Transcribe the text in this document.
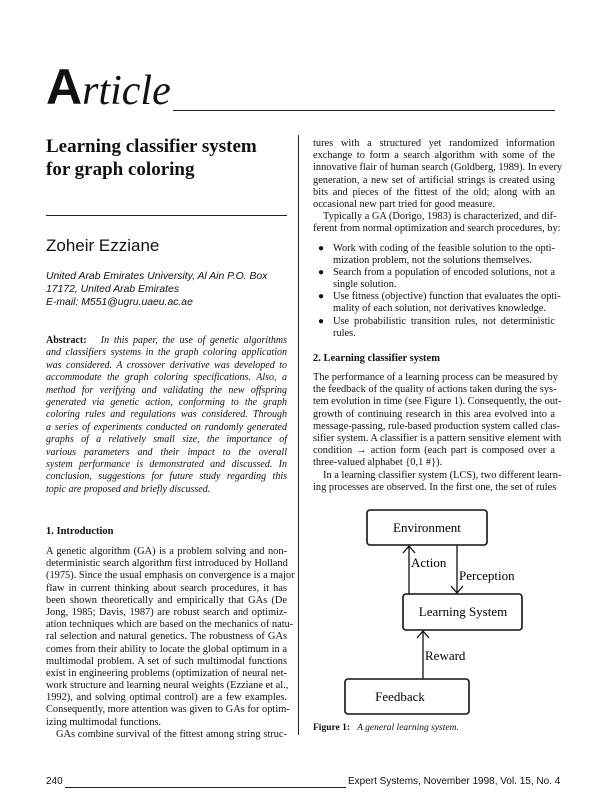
Article
Learning classifier system
for graph coloring
Zoheir Ezziane
United Arab Emirates University, Al Ain P.O. Box
17172, United Arab Emirates
E-mail: M551@ugru.uaeu.ac.ae
Abstract: In this paper, the use of genetic algorithms
and classifiers systems in the graph coloring application
was considered. A crossover derivative was developed to
accommodate the graph coloring specifications. Also, a
method for verifying and validating the new offspring
generated via genetic action, conforming to the graph
coloring rules and regulations was considered. Through
a series of experiments conducted on randomly generated
graphs of a relatively small size, the importance of
various parameters and their impact to the overall
system performance is demonstrated and discussed. In
conclusion, suggestions for future study regarding this
topic are proposed and briefly discussed.
1. Introduction
A genetic algorithm (GA) is a problem solving and non-
deterministic search algorithm first introduced by Holland
(1975). Since the usual emphasis on convergence is a major
flaw in current thinking about search procedures, it has
been shown theoretically and empirically that GAs (De
Jong, 1985; Davis, 1987) are robust search and optimiz-
ation techniques which are based on the mechanics of natu-
ral selection and natural genetics. The robustness of GAs
comes from their ability to locate the global optimum in a
multimodal problem. A set of such multimodal functions
exist in engineering problems (optimization of neural net-
work structure and learning neural weights (Ezziane et al.,
1992), and solving optimal control) are a few examples.
Consequently, more attention was given to GAs for optim-
izing multimodal functions.
GAs combine survival of the fittest among string struc-
tures with a structured yet randomized information
exchange to form a search algorithm with some of the
innovative flair of human search (Goldberg, 1989). In every
generation, a new set of artificial strings is created using
bits and pieces of the fittest of the old; along with an
occasional new part tried for good measure.
Typically a GA (Dorigo, 1983) is characterized, and dif-
ferent from normal optimization and search procedures, by:
● Work with coding of the feasible solution to the opti-
mization problem, not the solutions themselves.
● Search from a population of encoded solutions, not a
single solution.
● Use fitness (objective) function that evaluates the opti-
mality of each solution, not derivatives knowledge.
● Use probabilistic transition rules, not deterministic
rules.
2. Learning classifier system
The performance of a learning process can be measured by
the feedback of the quality of actions taken during the sys-
tem evolution in time (see Figure 1). Consequently, the out-
growth of continuing research in this area evolved into a
message-passing, rule-based production system called clas-
sifier system. A classifier is a pattern sensitive element with
condition → action form (each part is composed over a
three-valued alphabet {0,1 #}).
In a learning classifier system (LCS), two different learn-
ing processes are observed. In the first one, the set of rules
Environment
Learning System
Feedback
Action
Perception
Reward
Figure 1: A general learning system.
240	Expert Systems, November 1998, Vol. 15, No. 4
